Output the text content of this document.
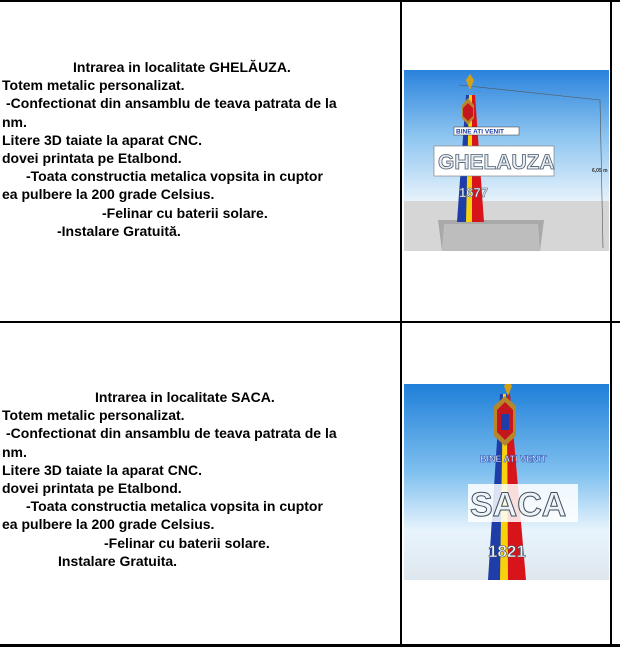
Intrarea in localitate GHELĂUZA.
Totem metalic personalizat.
-Confectionat din ansamblu de teava patrata de la
nm.
Litere 3D taiate la aparat CNC.
dovei printata pe Etalbond.
-Toata constructia metalica vopsita in cuptor
ea pulbere la 200 grade Celsius.
-Felinar cu baterii solare.
-Instalare Gratuită.
6,05 m
BINE ATI VENIT
GHELAUZA
1677
Intrarea in localitate SACA.
Totem metalic personalizat.
-Confectionat din ansamblu de teava patrata de la
nm.
Litere 3D taiate la aparat CNC.
dovei printata pe Etalbond.
-Toata constructia metalica vopsita in cuptor
ea pulbere la 200 grade Celsius.
-Felinar cu baterii solare.
Instalare Gratuita.
BINE ATI VENIT
SACA
1821
